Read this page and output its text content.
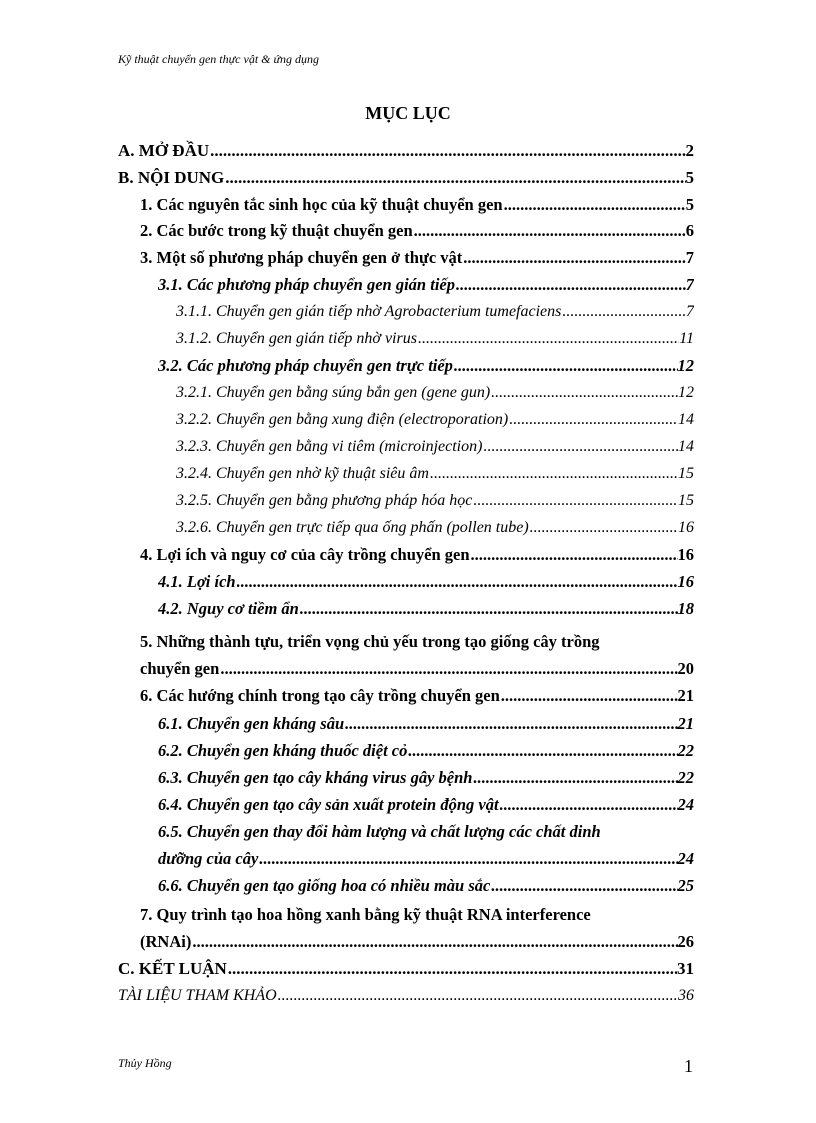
Kỹ thuật chuyển gen thực vật & ứng dụng
MỤC LỤC
A. MỞ ĐẦU .....	2
B. NỘI DUNG .....	5
1. Các nguyên tắc sinh học của kỹ thuật chuyển gen .....	5
2. Các bước trong kỹ thuật chuyển gen .....	6
3. Một số phương pháp chuyển gen ở thực vật .....	7
3.1. Các phương pháp chuyển gen gián tiếp .....	7
3.1.1. Chuyển gen gián tiếp nhờ Agrobacterium tumefaciens .....	7
3.1.2. Chuyển gen gián tiếp nhờ virus .....	11
3.2. Các phương pháp chuyển gen trực tiếp .....	12
3.2.1. Chuyển gen bằng súng bắn gen (gene gun) .....	12
3.2.2. Chuyển gen bằng xung điện (electroporation) .....	14
3.2.3. Chuyển gen bằng vi tiêm (microinjection) .....	14
3.2.4. Chuyển gen nhờ kỹ thuật siêu âm .....	15
3.2.5. Chuyển gen bằng phương pháp hóa học .....	15
3.2.6. Chuyển gen trực tiếp qua ống phấn (pollen tube) .....	16
4. Lợi ích và nguy cơ của cây trồng chuyển gen .....	16
4.1. Lợi ích .....	16
4.2. Nguy cơ tiềm ẩn .....	18
5. Những thành tựu, triển vọng chủ yếu trong tạo giống cây trồng
chuyển gen .....	20
6. Các hướng chính trong tạo cây trồng chuyển gen .....	21
6.1. Chuyển gen kháng sâu .....	21
6.2. Chuyển gen kháng thuốc diệt cỏ .....	22
6.3. Chuyển gen tạo cây kháng virus gây bệnh .....	22
6.4. Chuyển gen tạo cây sản xuất protein động vật .....	24
6.5. Chuyển gen thay đổi hàm lượng và chất lượng các chất dinh
dưỡng của cây .....	24
6.6. Chuyển gen tạo giống hoa có nhiều màu sắc .....	25
7. Quy trình tạo hoa hồng xanh bằng kỹ thuật RNA interference
(RNAi) .....	26
C. KẾT LUẬN .....	31
TÀI LIỆU THAM KHẢO .....	36
Thủy Hồng	1
